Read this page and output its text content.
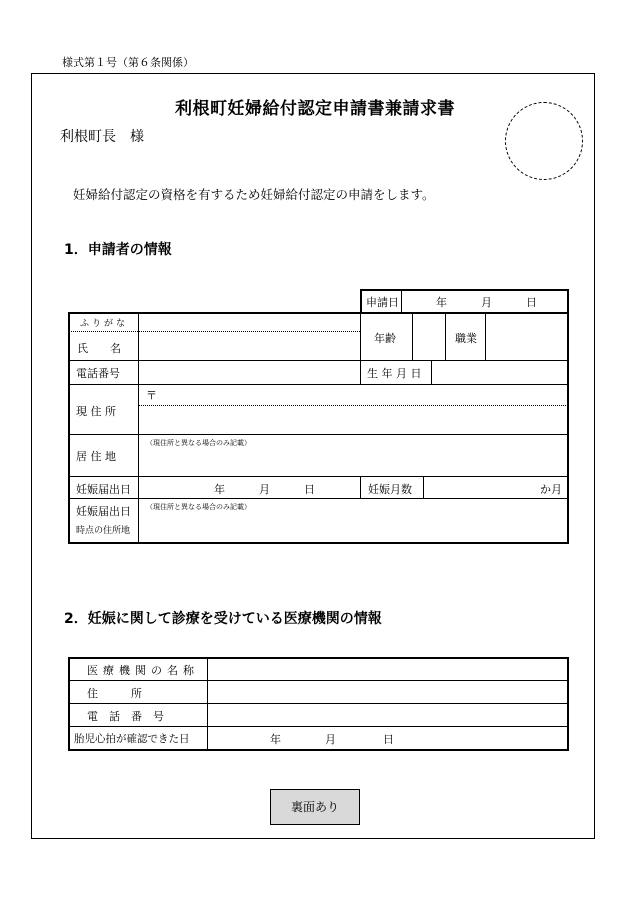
様式第１号（第６条関係）
利根町妊婦給付認定申請書兼請求書
利根町長　様
妊婦給付認定の資格を有するため妊婦給付認定の申請をします。
1．申請者の情報
申請日	年	月	日
ふりがな
氏　　名
年齢	職業
電話番号	生 年 月 日
現 住 所
〒
居 住 地
（現住所と異なる場合のみ記載）
妊娠届出日	年	月	日	妊娠月数	か月
妊娠届出日
時点の住所地
（現住所と異なる場合のみ記載）
2．妊娠に関して診療を受けている医療機関の情報
医療機関の名称
住　　　所
電　話　番　号
胎児心拍が確認できた日	年	月	日
裏面あり
